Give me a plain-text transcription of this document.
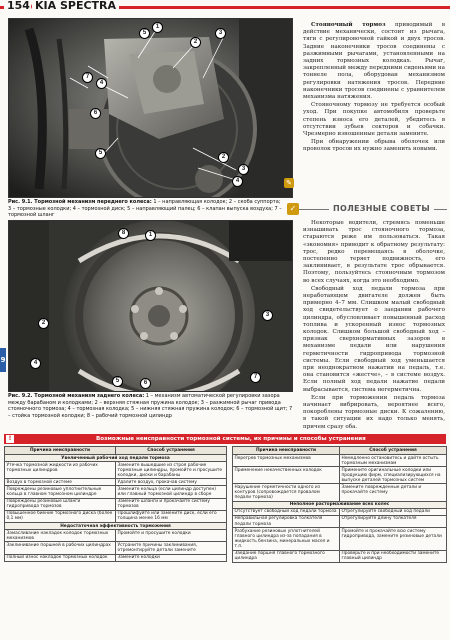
154 KIA SPECTRA
9
1
2
3
4
5
6
7
5
2
3
4
Рис. 9.1. Тормозной механизм переднего колеса: 1 – направляющая колодок; 2 – скоба суппорта; 3 – тормозные колодки; 4 – тормозной диск; 5 – направляющий палец; 6 – клапан выпуска воздуха; 7 – тормозной шланг
✎
8	1
3
2
4
5	6
7
Рис. 9.2. Тормозной механизм заднего колеса: 1 – механизм автоматической регулировки зазора между барабаном и колодками; 2 – верхняя стяжная пружина колодок; 3 – разжимной рычаг привода стояночного тормоза; 4 – тормозная колодка; 5 – нижняя стяжная пружина колодок; 6 – тормозной щит; 7 – стойка тормозной колодки; 8 – рабочий тормозной цилиндр

Стояночный тормоз приводимый в действие механически, состоит из рычага, тяги с регулировочной гайкой и двух тросов. Задние наконечники тросов соединены с разжимными рычагами, установленными на задних тормозных колодках. Рычаг, закрепленный между передними сиденьями на тоннеле пола, оборудован механизмом регулировки натяжения тросов. Передние наконечники тросов соединены с уравнителем механизма натяжения.

Стояночному тормозу не требуется особый уход. При покупке автомобиля проверьте степень износа его деталей, убедитесь в отсутствии зубьев секторов и собачки. Чрезмерно изношенные детали замените.

При обнаружении обрыва оболочек или проволок тросов их нужно заменить новыми.

✓	ПОЛЕЗНЫЕ СОВЕТЫ

Некоторые водители, стремясь поменьше изнашивать трос стояночного тормоза, стараются реже им пользоваться. Такая «экономия» приводит к обратному результату: трос, редко перемещаясь в оболочке, постепенно теряет подвижность, его заклинивает, в результате трос обрывается. Поэтому, пользуйтесь стояночным тормозом во всех случаях, когда это необходимо.

Свободный ход педали тормоза при неработающем двигателе должен быть примерно 4–7 мм. Слишком малый свободный ход свидетельствует о заедании рабочего цилиндра, обусловливает повышенный расход топлива и ускоренный износ тормозных колодок. Слишком большой свободный ход – признак сверхнормативных зазоров в механизме педали или нарушения герметичности гидропривода тормозной системы. Если свободный ход уменьшается при неоднократном нажатии на педаль, т.е. она становится «жестче», – в системе воздух. Если полный ход педали нажатие педали выбрасывается, система негерметична.

Если при торможении педаль тормоза начинает вибрировать, вероятнее всего, покороблены тормозные диски. К сожалению, в такой ситуации их надо только менять, причем сразу оба.

!	Возможные неисправности тормозной системы, их причины и способы устранения
Причина неисправности	Способ устранения
Увеличенный рабочий ход педали тормоза	
Утечка тормозной жидкости из рабочих тормозных цилиндров	Замените вышедшие из строя рабочие тормозные цилиндры, промойте и просушите колодки, диски и барабаны
Воздух в тормозной системе	Удалите воздух, прокачав систему
Повреждены резиновые уплотнительные кольца в главном тормозном цилиндре	Замените кольца (если цилиндр доступен) или главный тормозной цилиндр в сборе
Повреждены резиновые шланги гидропривода тормозов	Замените шланги и прокачайте систему тормозов
Повышенное биение тормозного диска (более 0,1 мм)	Прошлифуйте или замените диск, если его толщина менее 16 мм
Недостаточная эффективность торможения	
Замасливание накладок колодок тормозных механизмов	Промойте и просушите колодки
Заклинивание поршней в рабочих цилиндрах	Устраните причины заклинивания, отремонтируйте детали замените
Полный износ накладок тормозных колодок	Замените колодки
Причина неисправности	Способ устранения
Перегрев тормозных механизмов	Немедленно остановитесь и дайте остыть тормозным механизмам
Применение некачественных колодок	Примените оригинальные колодки или продукцию фирм, специализирующихся на выпуске деталей тормозных систем
Нарушение герметичности одного из контуров (сопровождается провалом педали тормоза)	Замените поврежденные детали и прокачайте систему
Неполное растормаживание всех колес	
Отсутствует свободный ход педали тормоза	Отрегулируйте свободный ход педали
Неправильная регулировка толкателя педали тормоза	Отрегулируйте длину толкателя
Разбухание резиновых уплотнителей главного цилиндра из-за попадания в жидкость бензина, минеральных масел и т.п.	Промойте и прокачайте всю систему гидропривода, замените резиновые детали
Заедание поршня главного тормозного цилиндра	Проверьте и при необходимости замените главный цилиндр
